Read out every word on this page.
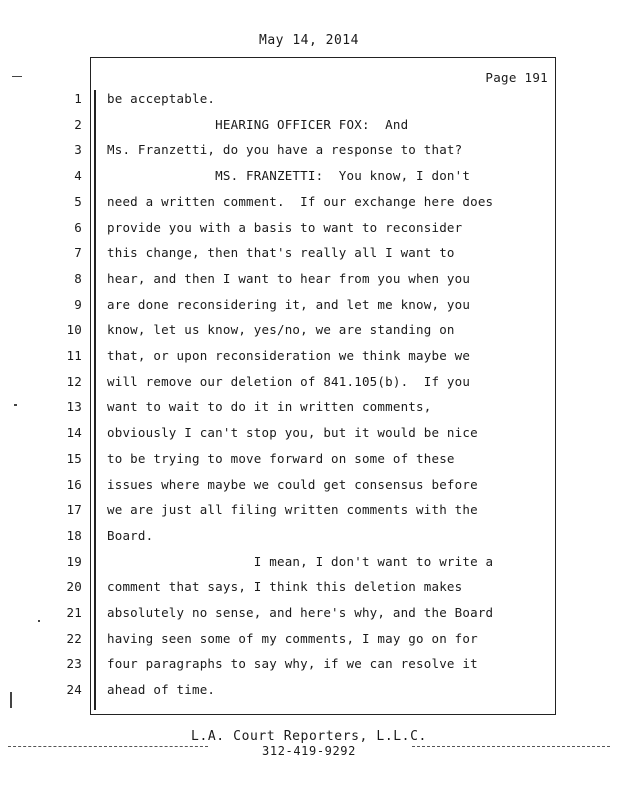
May 14, 2014
Page 191
1 be acceptable.
2 HEARING OFFICER FOX:  And
3 Ms. Franzetti, do you have a response to that?
4 MS. FRANZETTI:  You know, I don't
5 need a written comment.  If our exchange here does
6 provide you with a basis to want to reconsider
7 this change, then that's really all I want to
8 hear, and then I want to hear from you when you
9 are done reconsidering it, and let me know, you
10 know, let us know, yes/no, we are standing on
11 that, or upon reconsideration we think maybe we
12 will remove our deletion of 841.105(b).  If you
13 want to wait to do it in written comments,
14 obviously I can't stop you, but it would be nice
15 to be trying to move forward on some of these
16 issues where maybe we could get consensus before
17 we are just all filing written comments with the
18 Board.
19 I mean, I don't want to write a
20 comment that says, I think this deletion makes
21 absolutely no sense, and here's why, and the Board
22 having seen some of my comments, I may go on for
23 four paragraphs to say why, if we can resolve it
24 ahead of time.
L.A. Court Reporters, L.L.C.
312-419-9292
